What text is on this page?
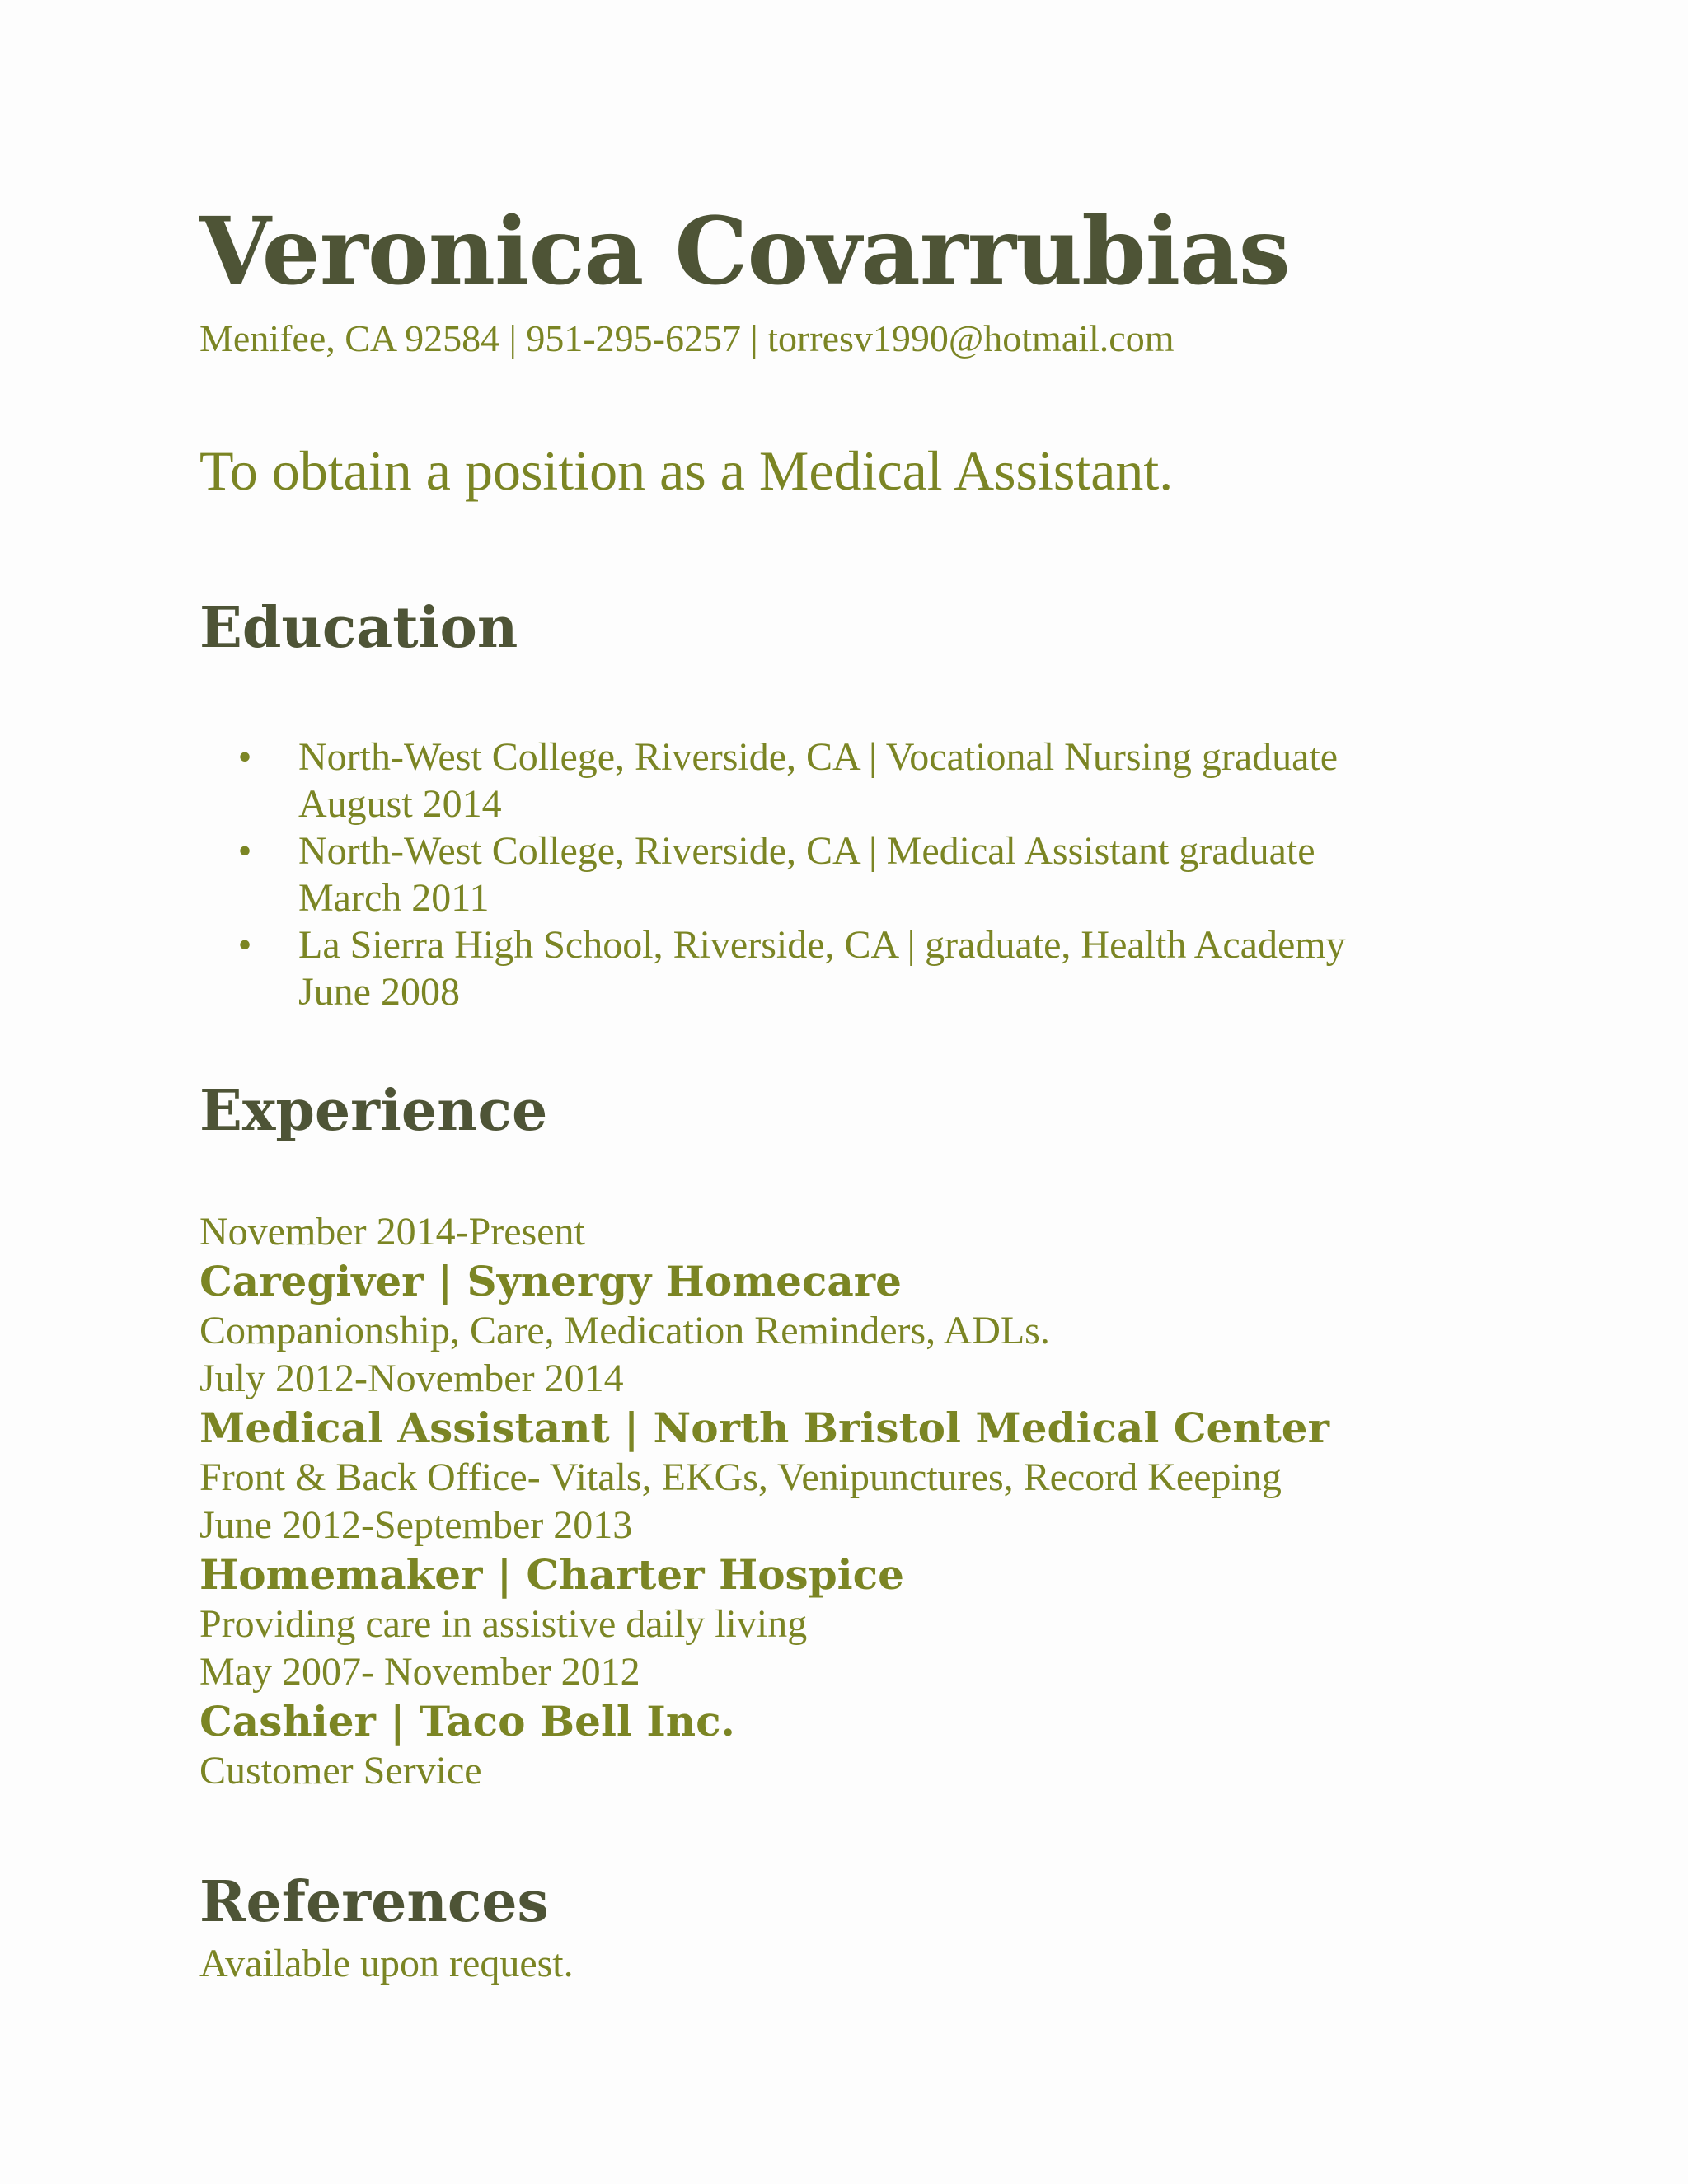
Veronica Covarrubias
Menifee, CA 92584 | 951-295-6257 | torresv1990@hotmail.com
To obtain a position as a Medical Assistant.
Education
• North-West College, Riverside, CA | Vocational Nursing graduate
August 2014
• North-West College, Riverside, CA | Medical Assistant graduate
March 2011
• La Sierra High School, Riverside, CA | graduate, Health Academy
June 2008
Experience
November 2014-Present
Caregiver | Synergy Homecare
Companionship, Care, Medication Reminders, ADLs.
July 2012-November 2014
Medical Assistant | North Bristol Medical Center
Front & Back Office- Vitals, EKGs, Venipunctures, Record Keeping
June 2012-September 2013
Homemaker | Charter Hospice
Providing care in assistive daily living
May 2007- November 2012
Cashier | Taco Bell Inc.
Customer Service
References
Available upon request.
